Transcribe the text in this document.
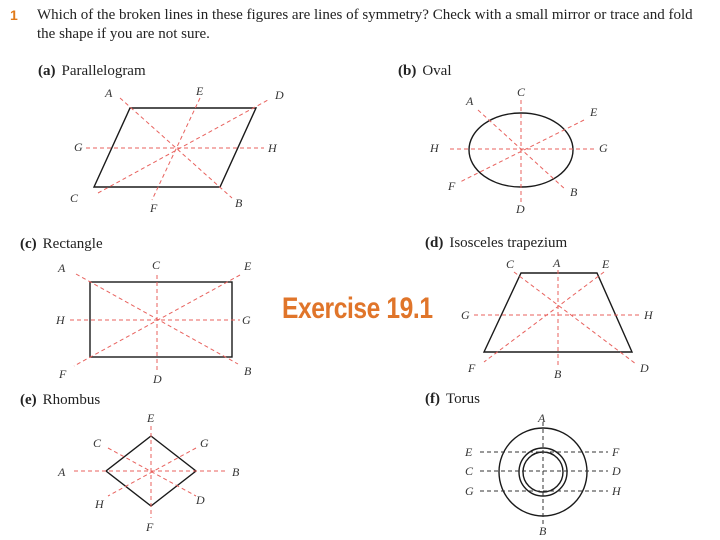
1 Which of the broken lines in these figures are lines of symmetry? Check with a small mirror or trace and fold the shape if you are not sure.
(a) Parallelogram	(b) Oval
(c) Rectangle	(d) Isosceles trapezium
(e) Rhombus	(f) Torus
Exercise 19.1
A	E	D
G	H
C
F	B
A
C
E
H	G
F	B
D
A	C	E
H	G
F	D
B
C	A	E
G	H
F	B	D
E
C	G
A	B
H	D
F
A
E	F
C	D
G	H
B
